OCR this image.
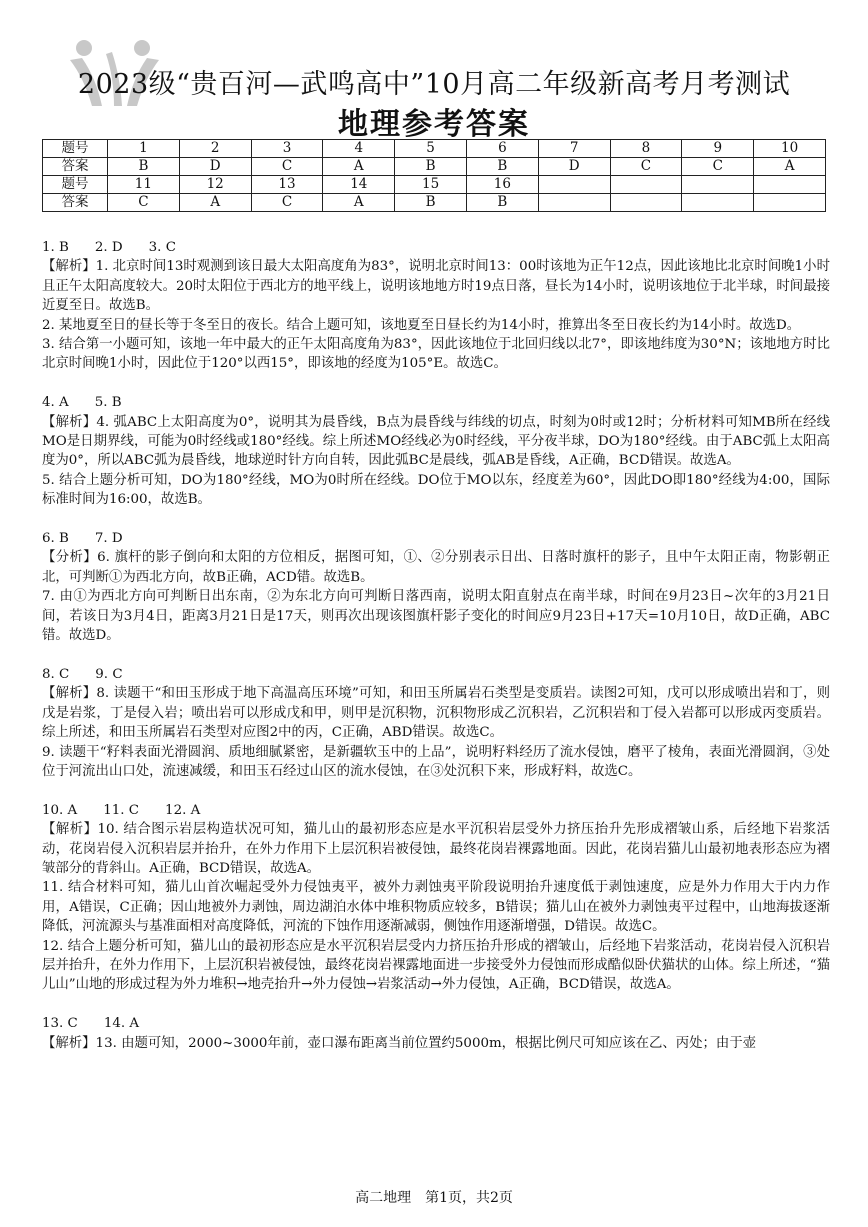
2023级“贵百河—武鸣高中”10月高二年级新高考月考测试
地理参考答案
题号	1	2	3	4	5	6	7	8	9	10
答案	B	D	C	A	B	B	D	C	C	A
题号	11	12	13	14	15	16				
答案	C	A	C	A	B	B				

1. B 2. D 3. C

【解析】1. 北京时间13时观测到该日最大太阳高度角为83°，说明北京时间13：00时该地为正午12点，因此该地比北京时间晚1小时且正午太阳高度较大。20时太阳位于西北方的地平线上，说明该地地方时19点日落，昼长为14小时，说明该地位于北半球，时间最接近夏至日。故选B。

2. 某地夏至日的昼长等于冬至日的夜长。结合上题可知，该地夏至日昼长约为14小时，推算出冬至日夜长约为14小时。故选D。

3. 结合第一小题可知，该地一年中最大的正午太阳高度角为83°，因此该地位于北回归线以北7°，即该地纬度为30°N；该地地方时比北京时间晚1小时，因此位于120°以西15°，即该地的经度为105°E。故选C。

4. A 5. B

【解析】4. 弧ABC上太阳高度为0°，说明其为晨昏线，B点为晨昏线与纬线的切点，时刻为0时或12时；分析材料可知MB所在经线MO是日期界线，可能为0时经线或180°经线。综上所述MO经线必为0时经线，平分夜半球，DO为180°经线。由于ABC弧上太阳高度为0°，所以ABC弧为晨昏线，地球逆时针方向自转，因此弧BC是晨线，弧AB是昏线，A正确，BCD错误。故选A。

5. 结合上题分析可知，DO为180°经线，MO为0时所在经线。DO位于MO以东，经度差为60°，因此DO即180°经线为4:00，国际标准时间为16:00，故选B。

6. B 7. D

【分析】6. 旗杆的影子倒向和太阳的方位相反，据图可知，①、②分别表示日出、日落时旗杆的影子，且中午太阳正南，物影朝正北，可判断①为西北方向，故B正确，ACD错。故选B。

7. 由①为西北方向可判断日出东南，②为东北方向可判断日落西南，说明太阳直射点在南半球，时间在9月23日~次年的3月21日间，若该日为3月4日，距离3月21日是17天，则再次出现该图旗杆影子变化的时间应9月23日+17天=10月10日，故D正确，ABC错。故选D。

8. C 9. C

【解析】8. 读题干“和田玉形成于地下高温高压环境”可知，和田玉所属岩石类型是变质岩。读图2可知，戊可以形成喷出岩和丁，则戊是岩浆，丁是侵入岩；喷出岩可以形成戊和甲，则甲是沉积物，沉积物形成乙沉积岩，乙沉积岩和丁侵入岩都可以形成丙变质岩。综上所述，和田玉所属岩石类型对应图2中的丙，C正确，ABD错误。故选C。

9. 读题干“籽料表面光滑圆润、质地细腻紧密，是新疆软玉中的上品”，说明籽料经历了流水侵蚀，磨平了棱角，表面光滑圆润，③处位于河流出山口处，流速减缓，和田玉石经过山区的流水侵蚀，在③处沉积下来，形成籽料，故选C。

10. A 11. C 12. A

【解析】10. 结合图示岩层构造状况可知，猫儿山的最初形态应是水平沉积岩层受外力挤压抬升先形成褶皱山系，后经地下岩浆活动，花岗岩侵入沉积岩层并抬升，在外力作用下上层沉积岩被侵蚀，最终花岗岩裸露地面。因此，花岗岩猫儿山最初地表形态应为褶皱部分的背斜山。A正确，BCD错误，故选A。

11. 结合材料可知，猫儿山首次崛起受外力侵蚀夷平，被外力剥蚀夷平阶段说明抬升速度低于剥蚀速度，应是外力作用大于内力作用，A错误，C正确；因山地被外力剥蚀，周边湖泊水体中堆积物质应较多，B错误；猫儿山在被外力剥蚀夷平过程中，山地海拔逐渐降低，河流源头与基准面相对高度降低，河流的下蚀作用逐渐减弱，侧蚀作用逐渐增强，D错误。故选C。

12. 结合上题分析可知，猫儿山的最初形态应是水平沉积岩层受内力挤压抬升形成的褶皱山，后经地下岩浆活动，花岗岩侵入沉积岩层并抬升，在外力作用下，上层沉积岩被侵蚀，最终花岗岩裸露地面进一步接受外力侵蚀而形成酷似卧伏猫状的山体。综上所述，“猫儿山”山地的形成过程为外力堆积→地壳抬升→外力侵蚀→岩浆活动→外力侵蚀，A正确，BCD错误，故选A。

13. C 14. A

【解析】13. 由题可知，2000~3000年前，壶口瀑布距离当前位置约5000m，根据比例尺可知应该在乙、丙处；由于壶

高二地理　第1页，共2页
